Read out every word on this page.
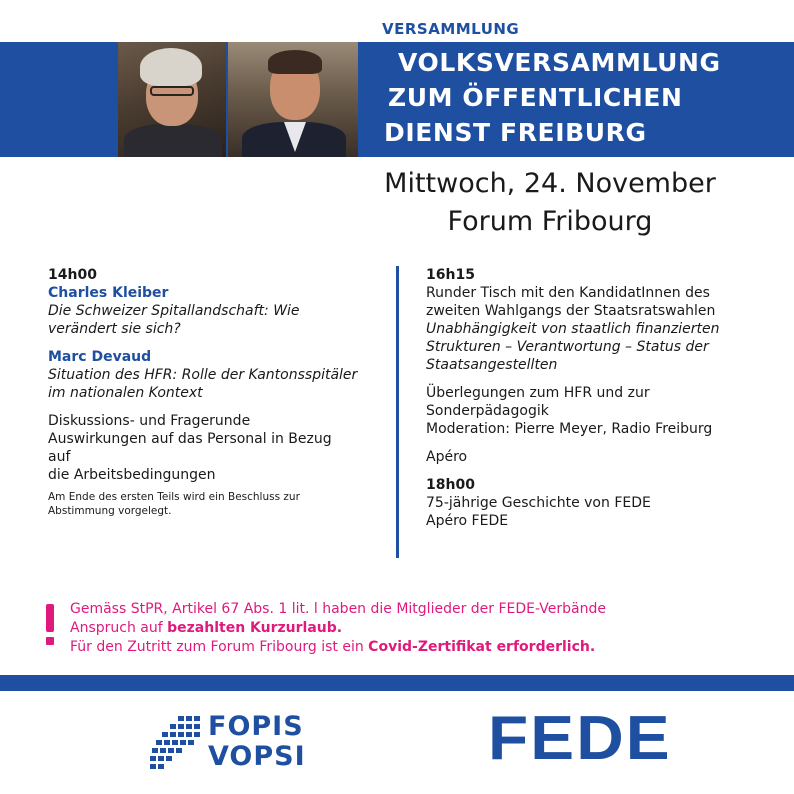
VERSAMMLUNG
VOLKSVERSAMMLUNG
ZUM ÖFFENTLICHEN
DIENST FREIBURG
Mittwoch, 24. November
Forum Fribourg
14h00
Charles Kleiber
Die Schweizer Spitallandschaft: Wie
verändert sie sich?
Marc Devaud
Situation des HFR: Rolle der Kantonsspitäler
im nationalen Kontext
Diskussions- und Fragerunde
Auswirkungen auf das Personal in Bezug auf
die Arbeitsbedingungen
Am Ende des ersten Teils wird ein Beschluss zur
Abstimmung vorgelegt.
16h15
Runder Tisch mit den KandidatInnen des
zweiten Wahlgangs der Staatsratswahlen
Unabhängigkeit von staatlich finanzierten
Strukturen – Verantwortung – Status der
Staatsangestellten
Überlegungen zum HFR und zur
Sonderpädagogik
Moderation: Pierre Meyer, Radio Freiburg
Apéro
18h00
75-jährige Geschichte von FEDE
Apéro FEDE
Gemäss StPR, Artikel 67 Abs. 1 lit. l haben die Mitglieder der FEDE-Verbände
Anspruch auf bezahlten Kurzurlaub.
Für den Zutritt zum Forum Fribourg ist ein Covid-Zertifikat erforderlich.
FOPIS
VOPSI	FEDE
